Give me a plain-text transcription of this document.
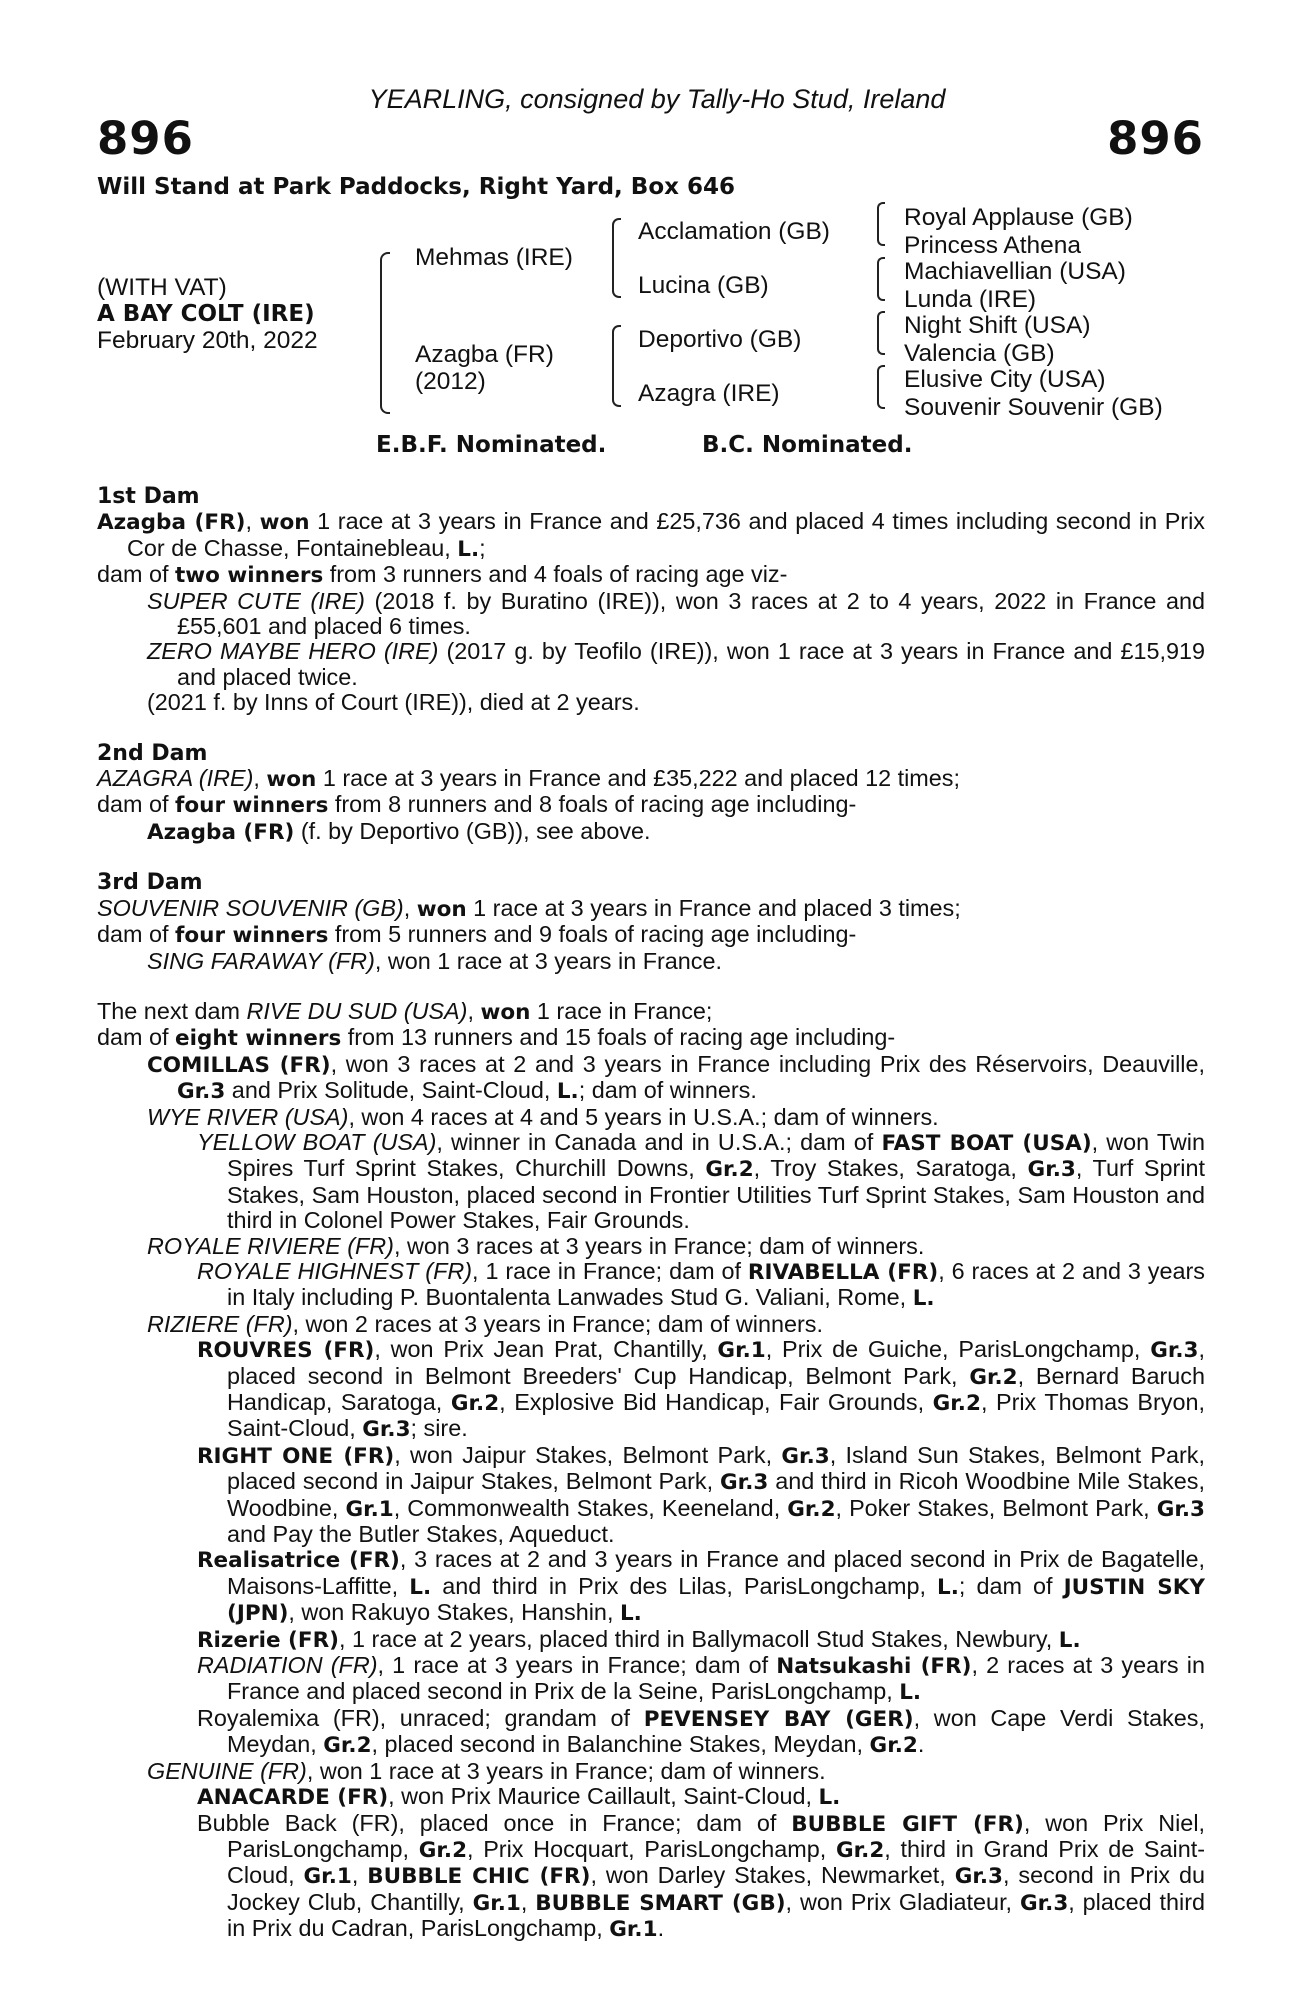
YEARLING, consigned by Tally-Ho Stud, Ireland
896	896
Will Stand at Park Paddocks, Right Yard, Box 646
(WITH VAT)
A BAY COLT (IRE)
February 20th, 2022
Mehmas (IRE)
Azagba (FR)
(2012)
Acclamation (GB)
Lucina (GB)
Deportivo (GB)
Azagra (IRE)
Royal Applause (GB)
Princess Athena
Machiavellian (USA)
Lunda (IRE)
Night Shift (USA)
Valencia (GB)
Elusive City (USA)
Souvenir Souvenir (GB)
E.B.F. Nominated.	B.C. Nominated.

1st Dam

Azagba (FR), won 1 race at 3 years in France and £25,736 and placed 4 times including second in Prix Cor de Chasse, Fontainebleau, L.;

dam of two winners from 3 runners and 4 foals of racing age viz-

SUPER CUTE (IRE) (2018 f. by Buratino (IRE)), won 3 races at 2 to 4 years, 2022 in France and £55,601 and placed 6 times.

ZERO MAYBE HERO (IRE) (2017 g. by Teofilo (IRE)), won 1 race at 3 years in France and £15,919 and placed twice.

(2021 f. by Inns of Court (IRE)), died at 2 years.

2nd Dam

AZAGRA (IRE), won 1 race at 3 years in France and £35,222 and placed 12 times;

dam of four winners from 8 runners and 8 foals of racing age including-

Azagba (FR) (f. by Deportivo (GB)), see above.

3rd Dam

SOUVENIR SOUVENIR (GB), won 1 race at 3 years in France and placed 3 times;

dam of four winners from 5 runners and 9 foals of racing age including-

SING FARAWAY (FR), won 1 race at 3 years in France.

The next dam RIVE DU SUD (USA), won 1 race in France;

dam of eight winners from 13 runners and 15 foals of racing age including-

COMILLAS (FR), won 3 races at 2 and 3 years in France including Prix des Réservoirs, Deauville, Gr.3 and Prix Solitude, Saint-Cloud, L.; dam of winners.

WYE RIVER (USA), won 4 races at 4 and 5 years in U.S.A.; dam of winners.

YELLOW BOAT (USA), winner in Canada and in U.S.A.; dam of FAST BOAT (USA), won Twin Spires Turf Sprint Stakes, Churchill Downs, Gr.2, Troy Stakes, Saratoga, Gr.3, Turf Sprint Stakes, Sam Houston, placed second in Frontier Utilities Turf Sprint Stakes, Sam Houston and third in Colonel Power Stakes, Fair Grounds.

ROYALE RIVIERE (FR), won 3 races at 3 years in France; dam of winners.

ROYALE HIGHNEST (FR), 1 race in France; dam of RIVABELLA (FR), 6 races at 2 and 3 years in Italy including P. Buontalenta Lanwades Stud G. Valiani, Rome, L.

RIZIERE (FR), won 2 races at 3 years in France; dam of winners.

ROUVRES (FR), won Prix Jean Prat, Chantilly, Gr.1, Prix de Guiche, ParisLongchamp, Gr.3, placed second in Belmont Breeders' Cup Handicap, Belmont Park, Gr.2, Bernard Baruch Handicap, Saratoga, Gr.2, Explosive Bid Handicap, Fair Grounds, Gr.2, Prix Thomas Bryon, Saint-Cloud, Gr.3; sire.

RIGHT ONE (FR), won Jaipur Stakes, Belmont Park, Gr.3, Island Sun Stakes, Belmont Park, placed second in Jaipur Stakes, Belmont Park, Gr.3 and third in Ricoh Woodbine Mile Stakes, Woodbine, Gr.1, Commonwealth Stakes, Keeneland, Gr.2, Poker Stakes, Belmont Park, Gr.3 and Pay the Butler Stakes, Aqueduct.

Realisatrice (FR), 3 races at 2 and 3 years in France and placed second in Prix de Bagatelle, Maisons-Laffitte, L. and third in Prix des Lilas, ParisLongchamp, L.; dam of JUSTIN SKY (JPN), won Rakuyo Stakes, Hanshin, L.

Rizerie (FR), 1 race at 2 years, placed third in Ballymacoll Stud Stakes, Newbury, L.

RADIATION (FR), 1 race at 3 years in France; dam of Natsukashi (FR), 2 races at 3 years in France and placed second in Prix de la Seine, ParisLongchamp, L.

Royalemixa (FR), unraced; grandam of PEVENSEY BAY (GER), won Cape Verdi Stakes, Meydan, Gr.2, placed second in Balanchine Stakes, Meydan, Gr.2.

GENUINE (FR), won 1 race at 3 years in France; dam of winners.

ANACARDE (FR), won Prix Maurice Caillault, Saint-Cloud, L.

Bubble Back (FR), placed once in France; dam of BUBBLE GIFT (FR), won Prix Niel, ParisLongchamp, Gr.2, Prix Hocquart, ParisLongchamp, Gr.2, third in Grand Prix de Saint-Cloud, Gr.1, BUBBLE CHIC (FR), won Darley Stakes, Newmarket, Gr.3, second in Prix du Jockey Club, Chantilly, Gr.1, BUBBLE SMART (GB), won Prix Gladiateur, Gr.3, placed third in Prix du Cadran, ParisLongchamp, Gr.1.
